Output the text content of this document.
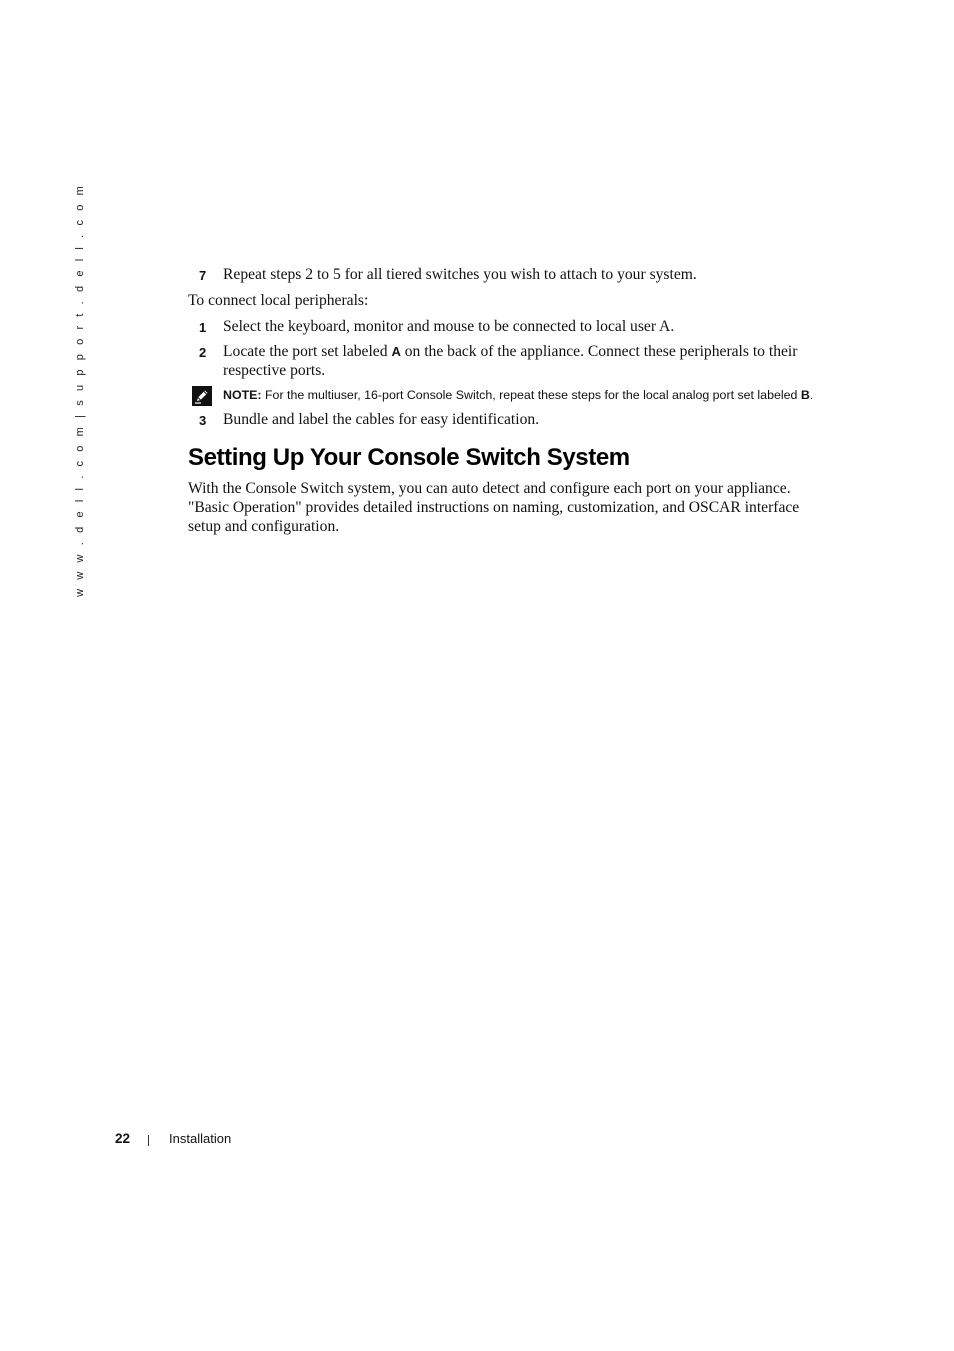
w w w . d e l l . c o m | s u p p o r t . d e l l . c o m	7 Repeat steps 2 to 5 for all tiered switches you wish to attach to your system.

To connect local peripherals:

1 Select the keyboard, monitor and mouse to be connected to local user A.
2 Locate the port set labeled A on the back of the appliance. Connect these peripherals to their respective ports.
NOTE: For the multiuser, 16-port Console Switch, repeat these steps for the local analog port set labeled B.
3 Bundle and label the cables for easy identification.
Setting Up Your Console Switch System

With the Console Switch system, you can auto detect and configure each port on your appliance. "Basic Operation" provides detailed instructions on naming, customization, and OSCAR interface setup and configuration.

22	Installation
